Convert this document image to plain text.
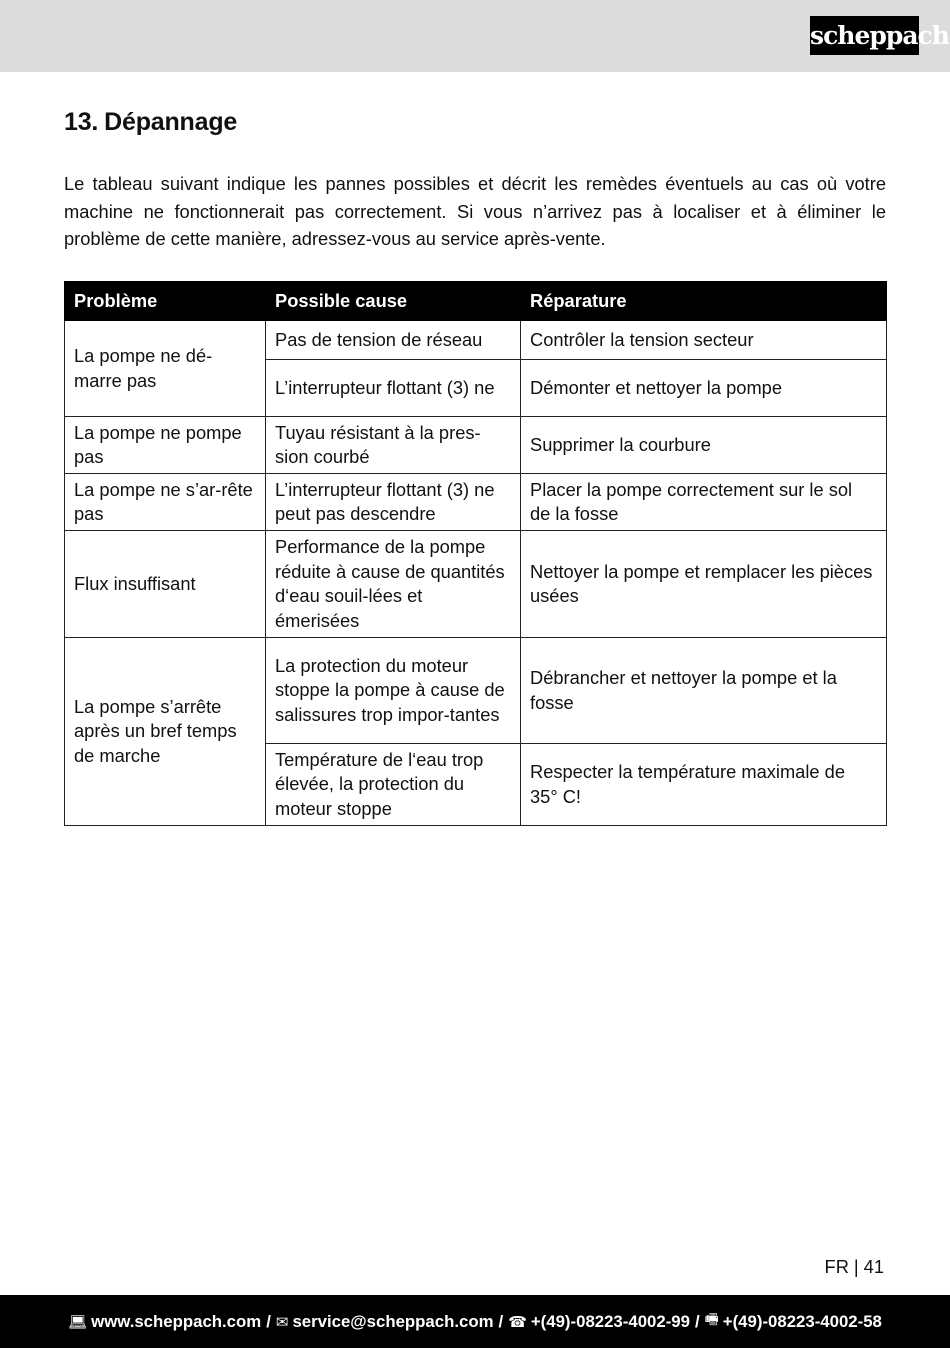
scheppach
13. Dépannage

Le tableau suivant indique les pannes possibles et décrit les remèdes éventuels au cas où votre machine ne fonctionnerait pas correctement. Si vous n’arrivez pas à localiser et à éliminer le problème de cette manière, adressez-vous au service après-vente.

Problème	Possible cause	Réparature
La pompe ne dé-marre pas	Pas de tension de réseau	Contrôler la tension secteur
	L’interrupteur flottant (3) ne	Démonter et nettoyer la pompe
La pompe ne pompe pas	Tuyau résistant à la pres-sion courbé	Supprimer la courbure
La pompe ne s’ar-rête pas	L’interrupteur flottant (3) ne peut pas descendre	Placer la pompe correctement sur le sol de la fosse
Flux insuffisant	Performance de la pompe réduite à cause de quantités d‘eau souil-lées et émerisées	Nettoyer la pompe et remplacer les pièces usées
La pompe s’arrête après un bref temps de marche	La protection du moteur stoppe la pompe à cause de salissures trop impor-tantes	Débrancher et nettoyer la pompe et la fosse
	Température de l‘eau trop élevée, la protection du moteur stoppe	Respecter la température maximale de 35° C!
FR | 41
💻︎ www.scheppach.com / ✉︎ service@scheppach.com / ☎︎ +(49)-08223-4002-99 / 🖷︎ +(49)-08223-4002-58
